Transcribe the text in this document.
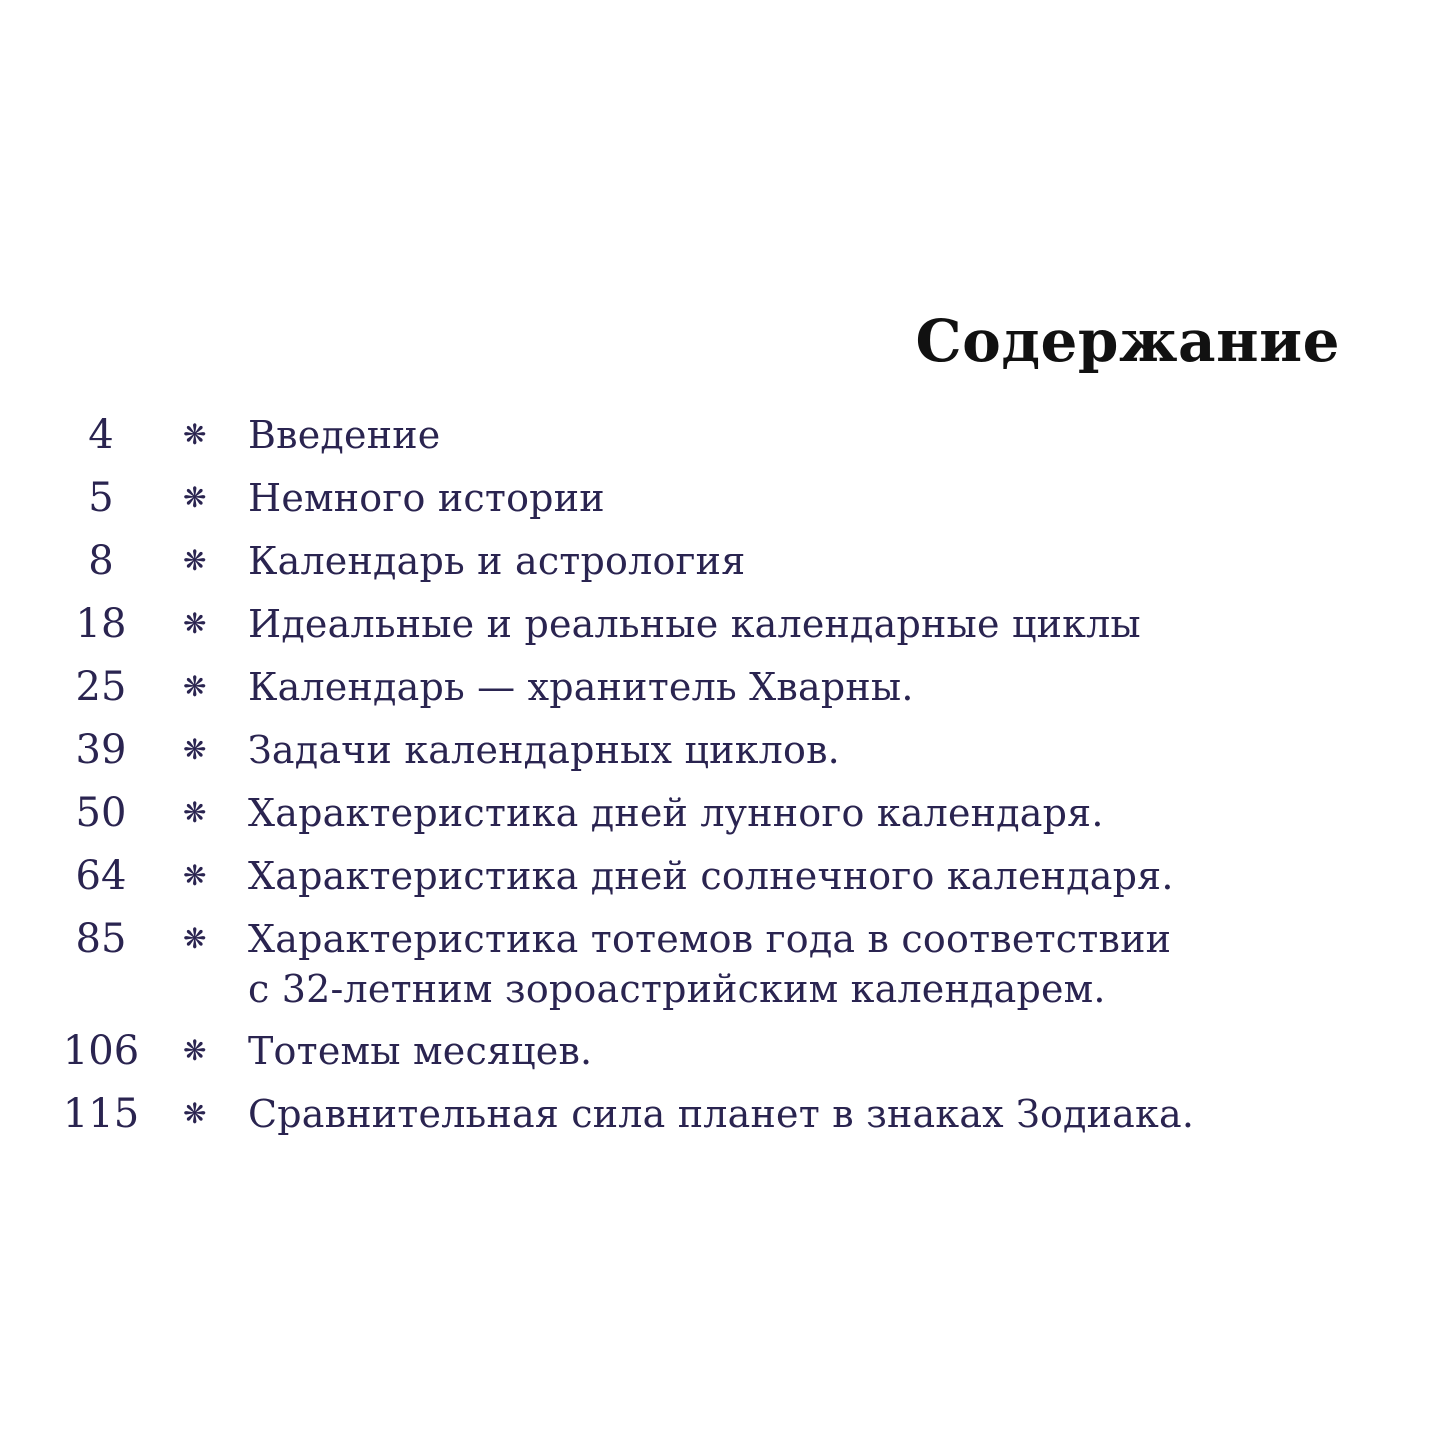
Содержание
4	❋	Введение
5	❋	Немного истории
8	❋	Календарь и астрология
18	❋	Идеальные и реальные календарные циклы
25	❋	Календарь — хранитель Хварны.
39	❋	Задачи календарных циклов.
50	❋	Характеристика дней лунного календаря.
64	❋	Характеристика дней солнечного календаря.
85	❋	Характеристика тотемов года в соответствии
с 32-летним зороастрийским календарем.
106	❋	Тотемы месяцев.
115	❋	Сравнительная сила планет в знаках Зодиака.
